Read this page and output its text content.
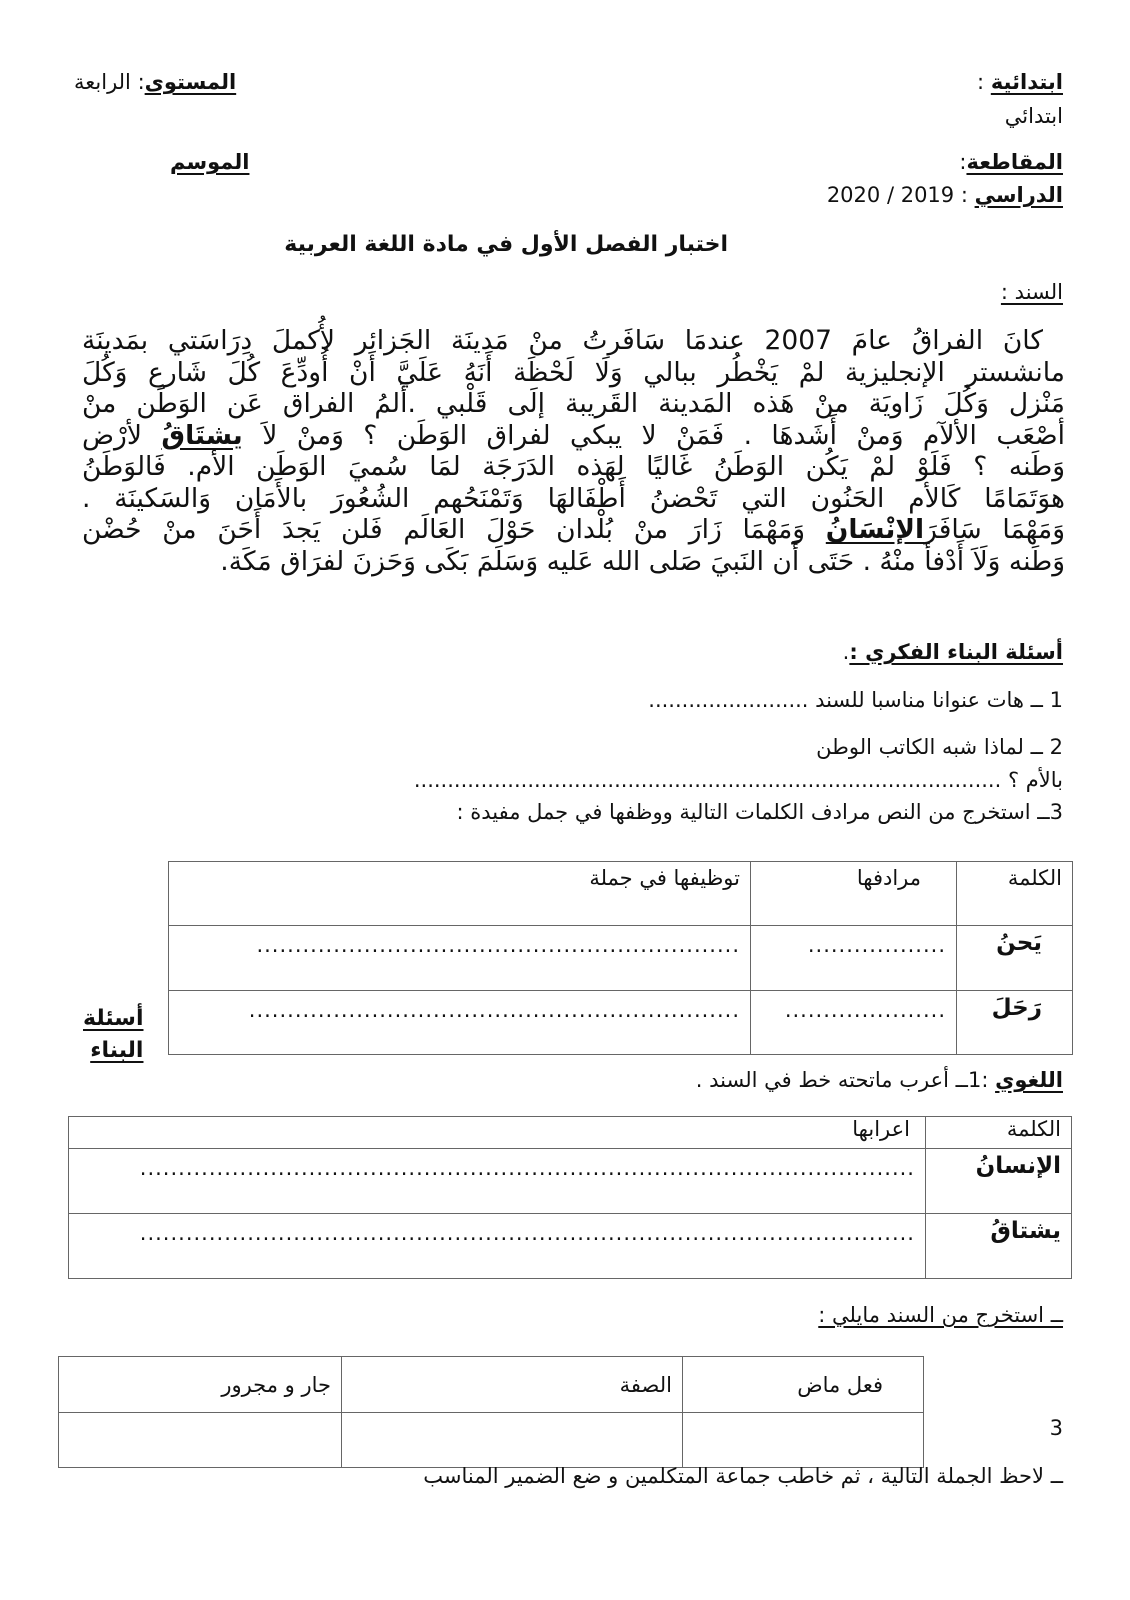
ابتدائية :
ابتدائي
المستوى: الرابعة
المقاطعة:
الموسم
الدراسي : 2019 / 2020
اختبار الفصل الأول في مادة اللغة العربية
السند :
كانَ الفراقُ عامَ 2007 عندمَا سَافَرتُ منْ مَدينَة الجَزائر لأُكملَ دِرَاسَتي بمَدينَة
مانشستر الإنجليزية لمْ يَخْطُر ببالي وَلَا لَحْظَة أَنَهُ عَلَيَّ أَنْ أُودِّعَ كُلَ شَارع وَكُلَ
مَنْزل وَكُلَ زَاويَة منْ هَذه المَدينة القَريبة إلَى قَلْبي .أَلمُ الفراق عَن الوَطَن منْ
أصْعَب الألآم وَمنْ أَشَدهَا . فَمَنْ لا يبكي لفراق الوَطَن ؟ وَمنْ لاَ يشتَاقُ لأرْض
وَطَنه ؟ فَلَوْ لمْ يَكُن الوَطَنُ غَاليًا لهَذه الدَرَجَة لمَا سُميَ الوَطَن الأم. فَالوَطَنُ
هوَتَمَامًا كَالأم الحَنُون التي تَحْضنُ أَطْفَالهَا وَتَمْنَحُهم الشُعُورَ بالأَمَان وَالسَكينَة .
وَمَهْمَا سَافَرَالإنْسَانُ وَمَهْمَا زَارَ منْ بُلْدان حَوْلَ العَالَم فَلن يَجدَ أَحَنَ منْ حُضْن
وَطَنه وَلَاَ أَدْفأ منْهُ . حَتَى أَن النَبيَ صَلى الله عَليه وَسَلَمَ بَكَى وَحَزنَ لفرَاق مَكَة.
أسئلة البناء الفكري :.
1 ــ هات عنوانا مناسبا للسند ........................
2 ــ لماذا شبه الكاتب الوطن
بالأم ؟ ........................................................................................
3ــ استخرج من النص مرادف الكلمات التالية ووظفها في جمل مفيدة :
الكلمة	مرادفها	توظيفها في جملة
يَحنُ	..................	...............................................................
رَحَلَ	.....................	................................................................
أسئلة
البناء
اللغوي :1ــ أعرب ماتحته خط في السند .
الكلمة	اعرابها
الإنسانُ	.....................................................................................................
يشتاقُ	.....................................................................................................
ــ استخرج من السند مايلي :
فعل ماض	الصفة	جار و مجرور

3
ــ لاحظ الجملة التالية ، ثم خاطب جماعة المتكلمين و ضع الضمير المناسب
